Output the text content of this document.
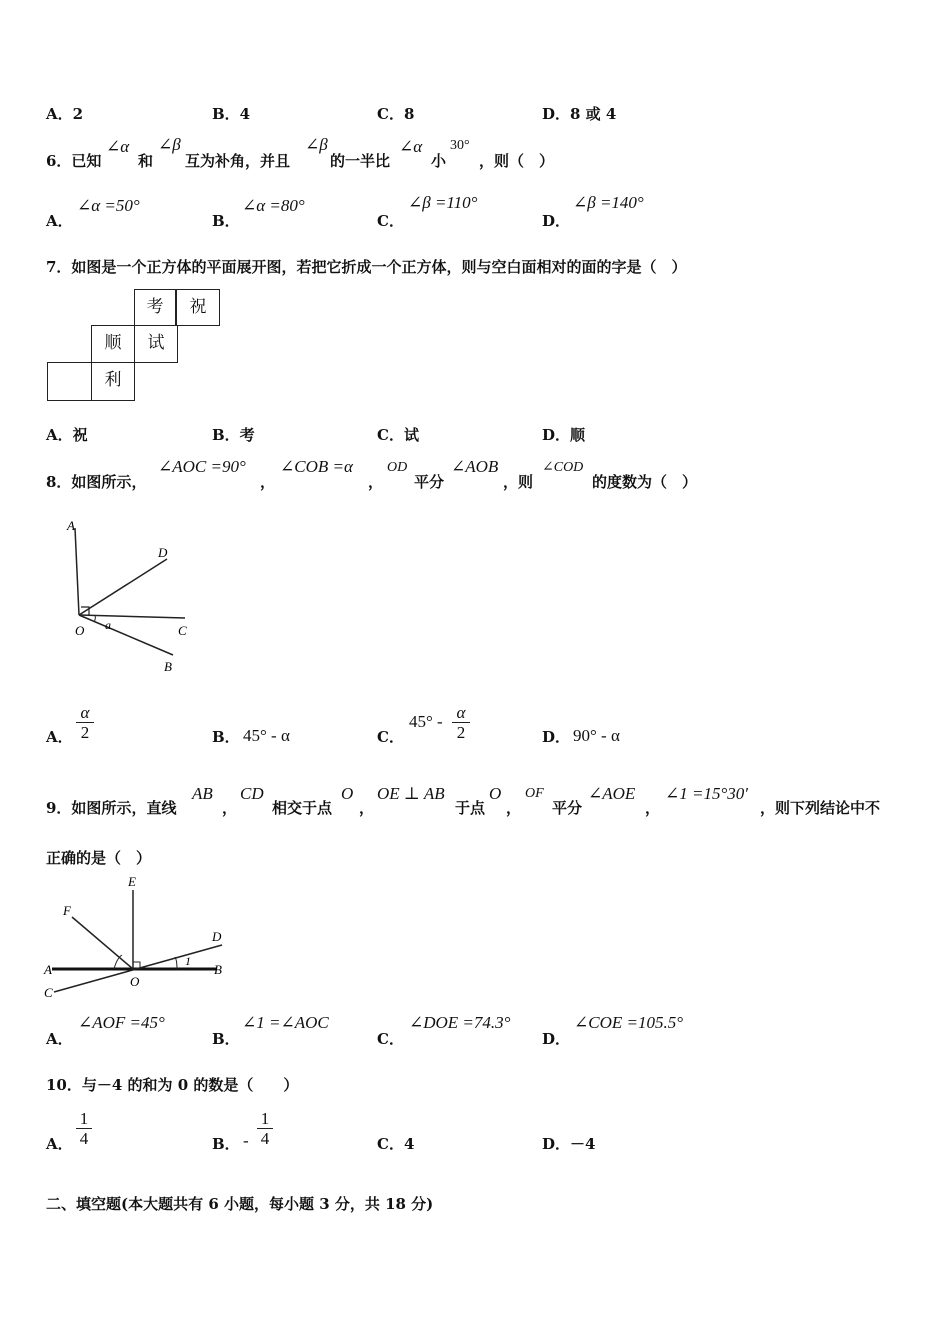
A．2	B．4	C．8	D．8 或 4
6．已知
∠α
和
∠β
互为补角，并且
∠β
的一半比
∠α
小
30°
，则（　）
A．
∠α =50°
B．
∠α =80°
C．
∠β =110°
D．
∠β =140°
7．如图是一个正方体的平面展开图，若把它折成一个正方体，则与空白面相对的面的字是（　）
考	祝
顺	试
利
A．祝	B．考	C．试	D．顺
8．如图所示，
∠AOC =90°
，
∠COB =α
，
OD
平分
∠AOB
，则
∠COD
的度数为（　）
A
D
O a	C
B
A．
α
2	B． 45° - α	C．
45° - α
2	D． 90° - α
9．如图所示，直线
AB
，
CD
相交于点
O
，
OE ⊥ AB
于点
O
，
OF
平分
∠AOE
，
∠1 =15°30′
，则下列结论中不
正确的是（　）
E
F
D
A	B
C
O
1
A．
∠AOF =45°
B．
∠1 =∠AOC
C．
∠DOE =74.3°
D．
∠COE =105.5°
10．与－4 的和为 0 的数是（　　）
A．
1
4	B． -
1
4	C．4	D．－4
二、填空题(本大题共有 6 小题，每小题 3 分，共 18 分)
